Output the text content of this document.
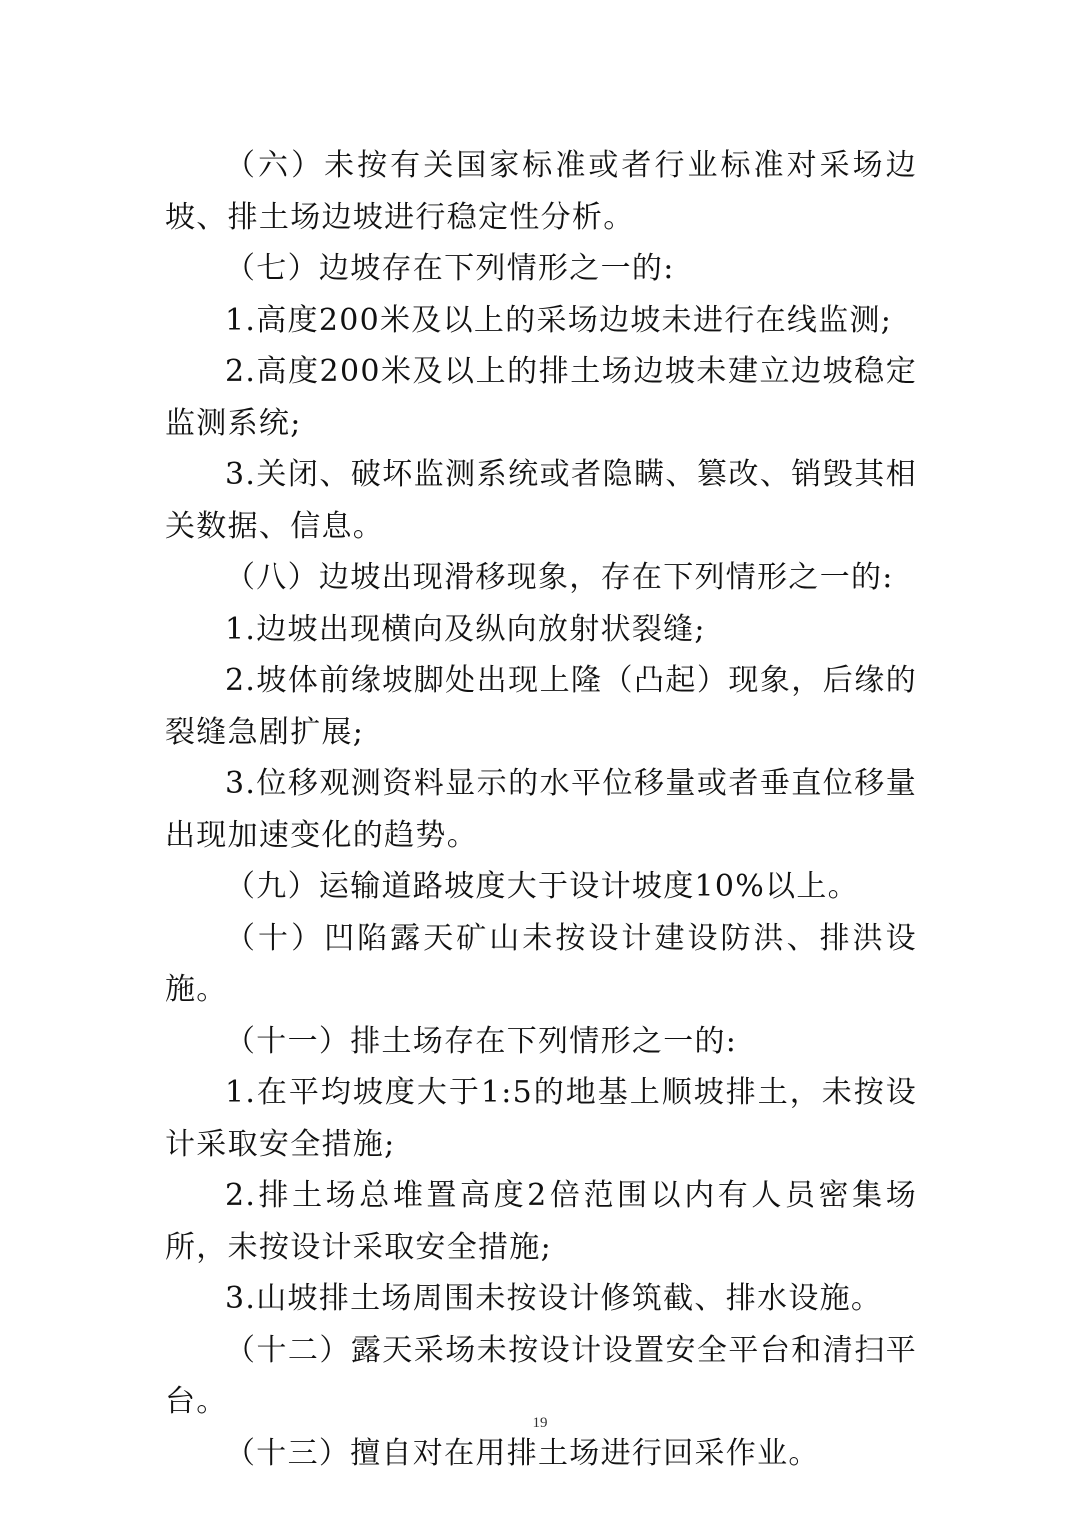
（六）未按有关国家标准或者行业标准对采场边坡、排土场边坡进行稳定性分析。

（七）边坡存在下列情形之一的:

1.高度200米及以上的采场边坡未进行在线监测;

2.高度200米及以上的排土场边坡未建立边坡稳定监测系统;

3.关闭、破坏监测系统或者隐瞒、篡改、销毁其相关数据、信息。

（八）边坡出现滑移现象，存在下列情形之一的:

1.边坡出现横向及纵向放射状裂缝;

2.坡体前缘坡脚处出现上隆（凸起）现象，后缘的裂缝急剧扩展;

3.位移观测资料显示的水平位移量或者垂直位移量出现加速变化的趋势。

（九）运输道路坡度大于设计坡度10%以上。

（十）凹陷露天矿山未按设计建设防洪、排洪设施。

（十一）排土场存在下列情形之一的:

1.在平均坡度大于1:5的地基上顺坡排土，未按设计采取安全措施;

2.排土场总堆置高度2倍范围以内有人员密集场所，未按设计采取安全措施;

3.山坡排土场周围未按设计修筑截、排水设施。

（十二）露天采场未按设计设置安全平台和清扫平台。

（十三）擅自对在用排土场进行回采作业。

19
